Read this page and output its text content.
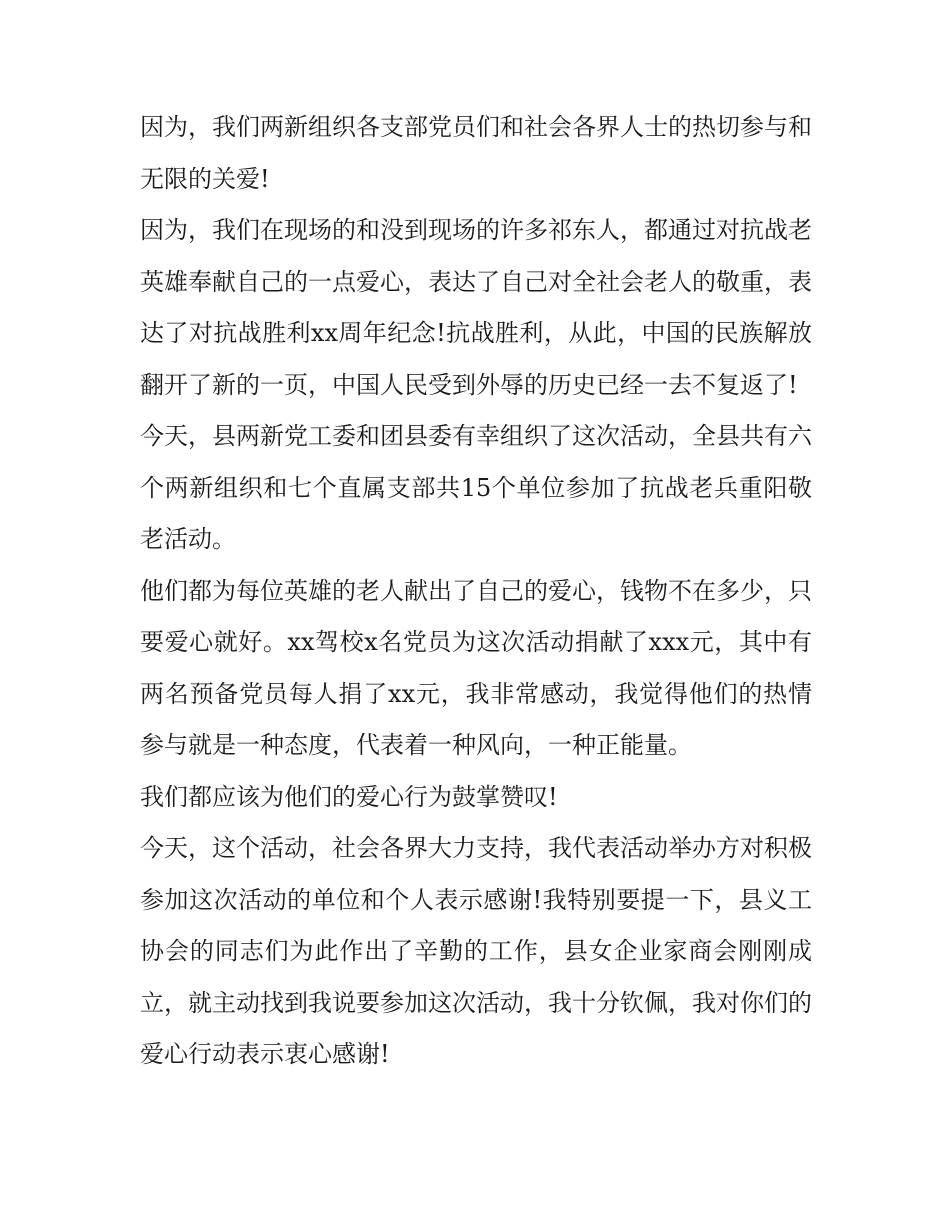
因为，我们两新组织各支部党员们和社会各界人士的热切参与和无限的关爱!

因为，我们在现场的和没到现场的许多祁东人，都通过对抗战老英雄奉献自己的一点爱心，表达了自己对全社会老人的敬重，表达了对抗战胜利xx周年纪念!抗战胜利，从此，中国的民族解放翻开了新的一页，中国人民受到外辱的历史已经一去不复返了!

今天，县两新党工委和团县委有幸组织了这次活动，全县共有六个两新组织和七个直属支部共15个单位参加了抗战老兵重阳敬老活动。

他们都为每位英雄的老人献出了自己的爱心，钱物不在多少，只要爱心就好。xx驾校x名党员为这次活动捐献了xxx元，其中有两名预备党员每人捐了xx元，我非常感动，我觉得他们的热情参与就是一种态度，代表着一种风向，一种正能量。

我们都应该为他们的爱心行为鼓掌赞叹!

今天，这个活动，社会各界大力支持，我代表活动举办方对积极参加这次活动的单位和个人表示感谢!我特别要提一下，县义工协会的同志们为此作出了辛勤的工作，县女企业家商会刚刚成立，就主动找到我说要参加这次活动，我十分钦佩，我对你们的爱心行动表示衷心感谢!
